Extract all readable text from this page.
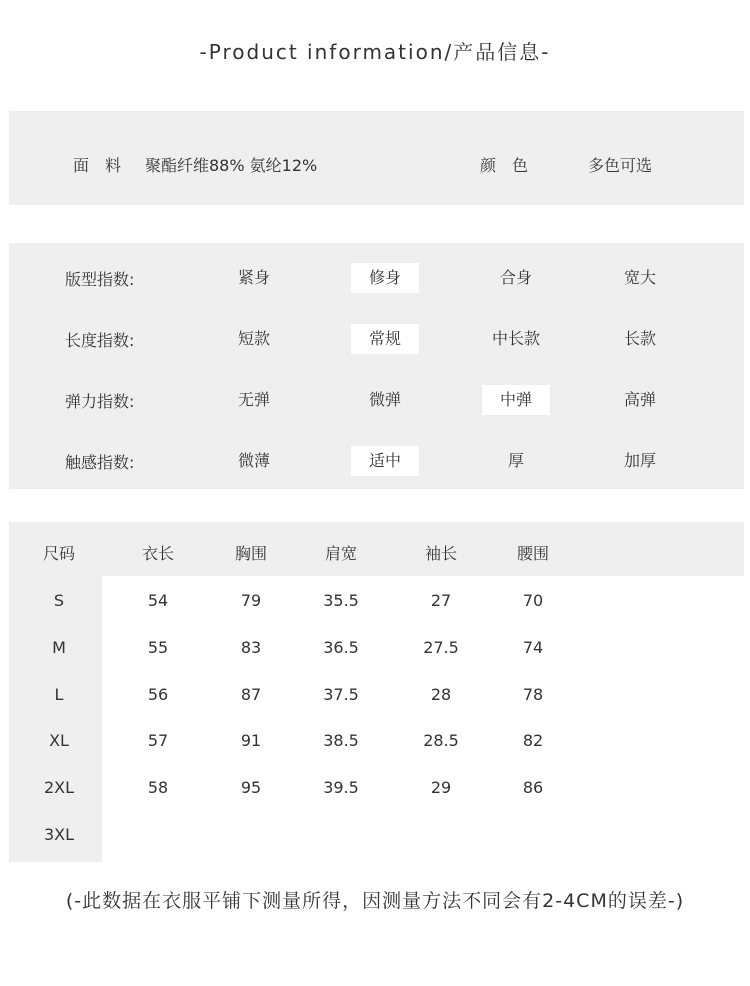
-Product information/产品信息-
面　料 聚酯纤维88% 氨纶12%	颜　色	多色可选
版型指数:	紧身	修身	合身	宽大
长度指数:	短款	常规	中长款	长款
弹力指数:	无弹	微弹	中弹	高弹
触感指数:	微薄	适中	厚	加厚
尺码	衣长	胸围	肩宽	袖长	腰围
S	54	79	35.5	27	70
M	55	83	36.5	27.5	74
L	56	87	37.5	28	78
XL	57	91	38.5	28.5	82
2XL	58	95	39.5	29	86
3XL
(-此数据在衣服平铺下测量所得，因测量方法不同会有2-4CM的误差-)
